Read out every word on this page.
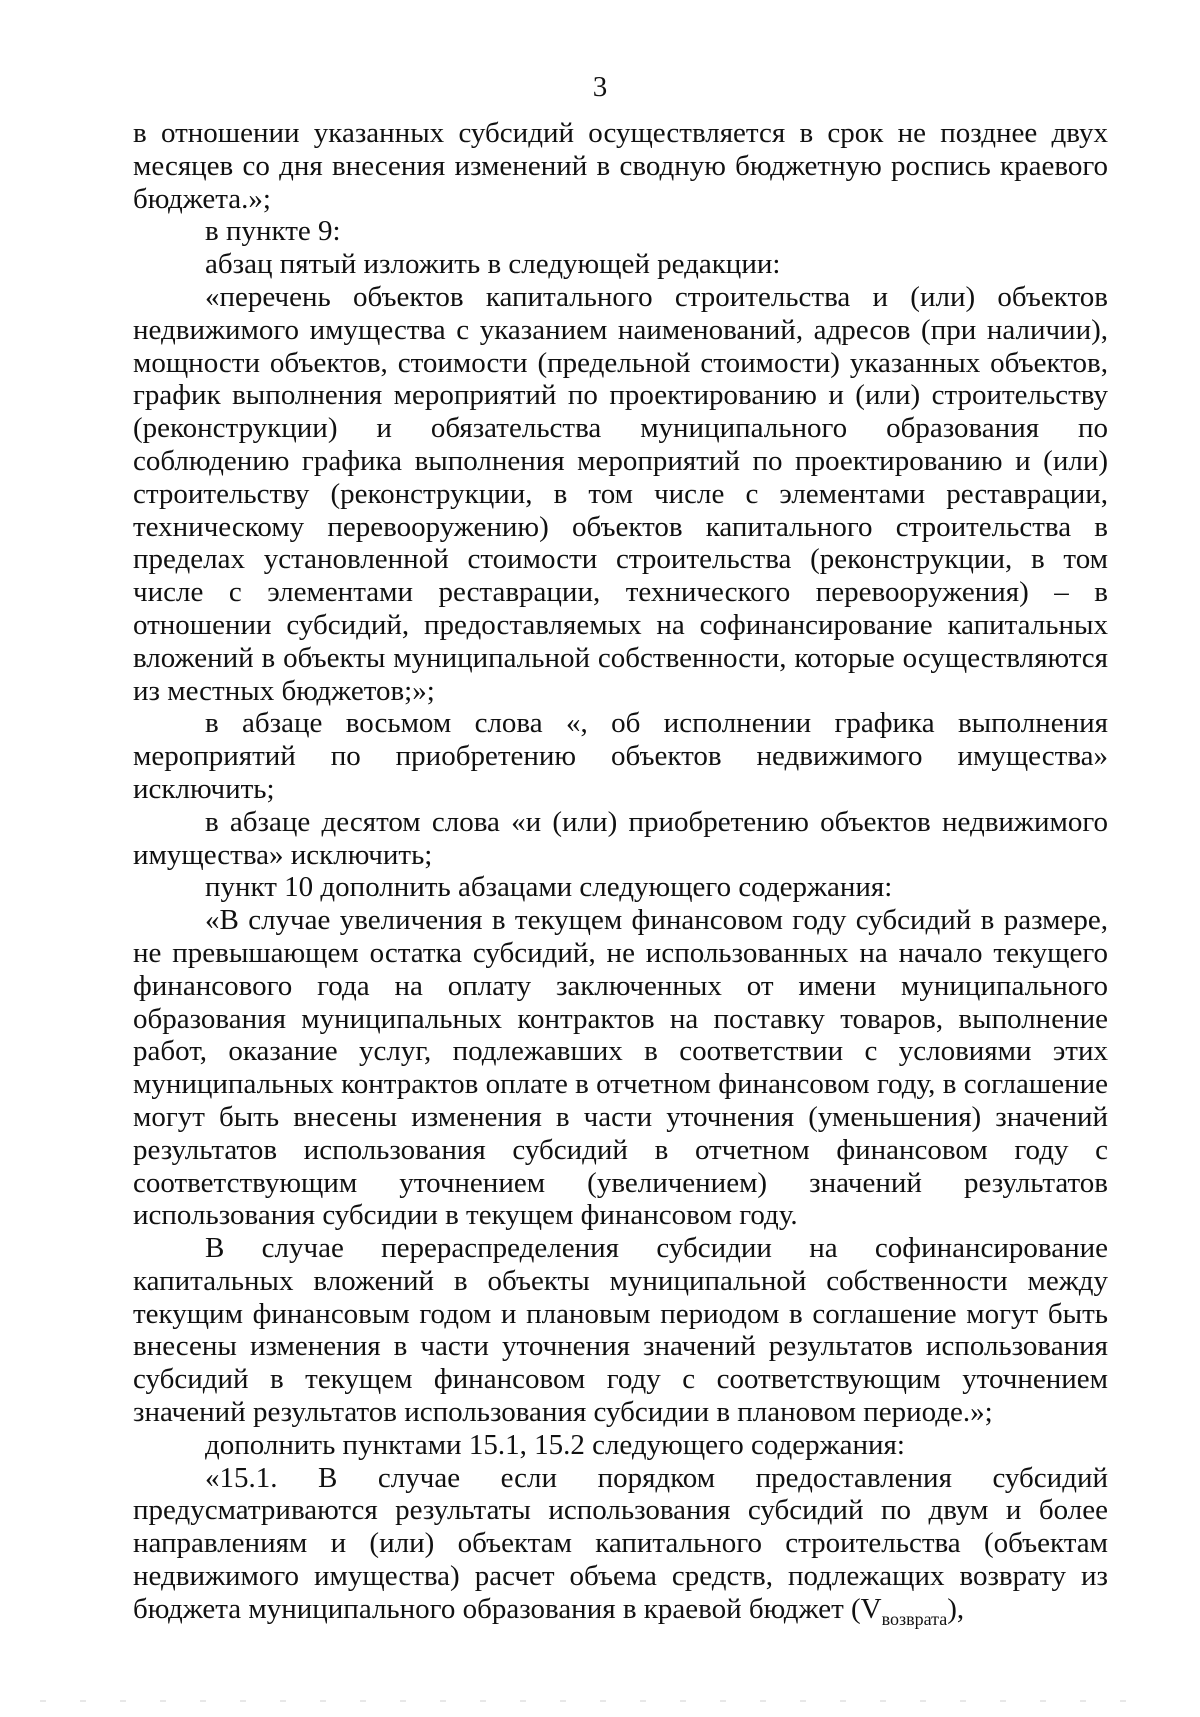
3

в отношении указанных субсидий осуществляется в срок не позднее двух месяцев со дня внесения изменений в сводную бюджетную роспись краевого бюджета.»;

в пункте 9:

абзац пятый изложить в следующей редакции:

«перечень объектов капитального строительства и (или) объектов недвижимого имущества с указанием наименований, адресов (при наличии), мощности объектов, стоимости (предельной стоимости) указанных объектов, график выполнения мероприятий по проектированию и (или) строительству (реконструкции) и обязательства муниципального образования по соблюдению графика выполнения мероприятий по проектированию и (или) строительству (реконструкции, в том числе с элементами реставрации, техническому перевооружению) объектов капитального строительства в пределах установленной стоимости строительства (реконструкции, в том числе с элементами реставрации, технического перевооружения) – в отношении субсидий, предоставляемых на софинансирование капитальных вложений в объекты муниципальной собственности, которые осуществляются из местных бюджетов;»;

в абзаце восьмом слова «, об исполнении графика выполнения мероприятий по приобретению объектов недвижимого имущества» исключить;

в абзаце десятом слова «и (или) приобретению объектов недвижимого имущества» исключить;

пункт 10 дополнить абзацами следующего содержания:

«В случае увеличения в текущем финансовом году субсидий в размере, не превышающем остатка субсидий, не использованных на начало текущего финансового года на оплату заключенных от имени муниципального образования муниципальных контрактов на поставку товаров, выполнение работ, оказание услуг, подлежавших в соответствии с условиями этих муниципальных контрактов оплате в отчетном финансовом году, в соглашение могут быть внесены изменения в части уточнения (уменьшения) значений результатов использования субсидий в отчетном финансовом году с соответствующим уточнением (увеличением) значений результатов использования субсидии в текущем финансовом году.

В случае перераспределения субсидии на софинансирование капитальных вложений в объекты муниципальной собственности между текущим финансовым годом и плановым периодом в соглашение могут быть внесены изменения в части уточнения значений результатов использования субсидий в текущем финансовом году с соответствующим уточнением значений результатов использования субсидии в плановом периоде.»;

дополнить пунктами 15.1, 15.2 следующего содержания:

«15.1. В случае если порядком предоставления субсидий предусматриваются результаты использования субсидий по двум и более направлениям и (или) объектам капитального строительства (объектам недвижимого имущества) расчет объема средств, подлежащих возврату из бюджета муниципального образования в краевой бюджет $(V_{возврата})$,
